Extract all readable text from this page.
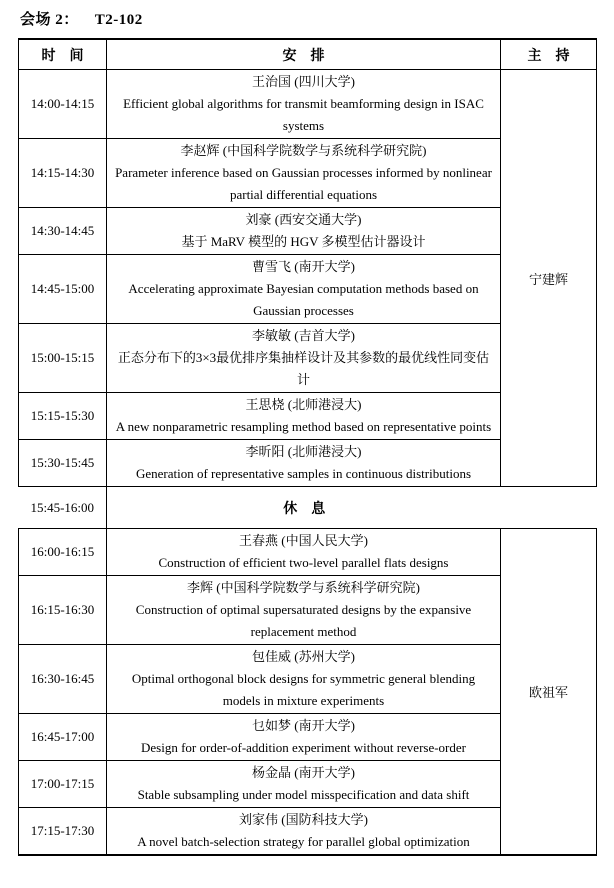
会场 2： T2-102
时　间	安　排	主　持
14:00-14:15	王治国 (四川大学)
Efficient global algorithms for transmit beamforming design in ISAC systems	宁建辉
14:15-14:30	李赵辉 (中国科学院数学与系统科学研究院)
Parameter inference based on Gaussian processes informed by nonlinear partial differential equations	

14:30-14:45	刘豪 (西安交通大学)
基于 MaRV 模型的 HGV 多模型估计器设计	

14:45-15:00	曹雪飞 (南开大学)
Accelerating approximate Bayesian computation methods based on Gaussian processes	

15:00-15:15	李敏敏 (吉首大学)
正态分布下的3×3最优排序集抽样设计及其参数的最优线性同变估计	

15:15-15:30	王思桡 (北师港浸大)
A new nonparametric resampling method based on representative points	

15:30-15:45	李昕阳 (北师港浸大)
Generation of representative samples in continuous distributions	

15:45-16:00	休　息	
16:00-16:15	王春燕 (中国人民大学)
Construction of efficient two-level parallel flats designs	欧祖军
16:15-16:30	李辉 (中国科学院数学与系统科学研究院)
Construction of optimal supersaturated designs by the expansive replacement method	

16:30-16:45	包佳威 (苏州大学)
Optimal orthogonal block designs for symmetric general blending models in mixture experiments	

16:45-17:00	乜如梦 (南开大学)
Design for order-of-addition experiment without reverse-order	

17:00-17:15	杨金晶 (南开大学)
Stable subsampling under model misspecification and data shift	

17:15-17:30	刘家伟 (国防科技大学)
A novel batch-selection strategy for parallel global optimization	
